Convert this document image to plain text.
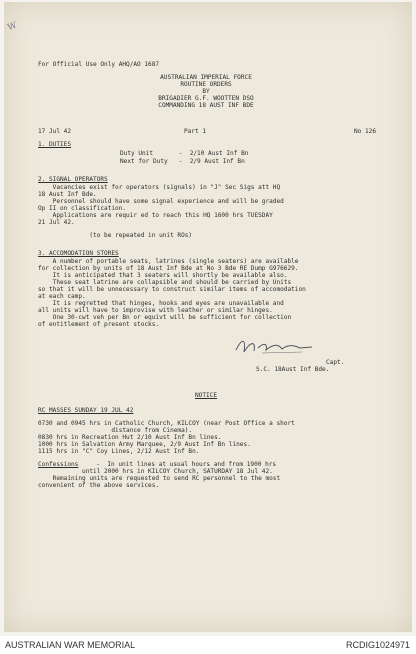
W
For Official Use Only AHQ/AO 1687
AUSTRALIAN IMPERIAL FORCE
ROUTINE ORDERS
BY
BRIGADIER G.F. WOOTTEN DSO
COMMANDING 18 AUST INF BDE
17 Jul 42	Part 1	No 126
1. DUTIES
Duty Unit       -  2/10 Aust Inf Bn
Next for Duty   -  2/9 Aust Inf Bn
2. SIGNAL OPERATORS
Vacancies exist for operators (signals) in "J" Sec Sigs att HQ
18 Aust Inf Bde.
Personnel should have some signal experience and will be graded
Op II on classification.
Applications are requir ed to reach this HQ 1600 hrs TUESDAY
21 Jul 42.
(to be repeated in unit ROs)
3. ACCOMODATION STORES
A number of portable seats, latrines (single seaters) are available
for collection by units of 18 Aust Inf Bde at No 3 Bde RE Dump G976629.
It is anticipated that 3 seaters will shortly be available also.
These seat latrine are collapsible and should be carried by Units
so that it will be unnecessary to construct similar items of accomodation
at each camp.
It is regretted that hinges, hooks and eyes are unavailable and
all units will have to improvise with leather or similar hinges.
One 30-cwt veh per Bn or equivt will be sufficient for collection
of entitlement of present stocks.
Capt.
S.C. 18Aust Inf Bde.
NOTICE
RC MASSES SUNDAY 19 JUL 42
0730 and 0945 hrs in Catholic Church, KILCOY (near Post Office a short
distance from Cinema).
0830 hrs in Recreation Hut 2/10 Aust Inf Bn lines.
1000 hrs in Salvation Army Marquee, 2/9 Aust Inf Bn lines.
1115 hrs in "C" Coy Lines, 2/12 Aust Inf Bn.
Confessions -  In unit lines at usual hours and from 1900 hrs
until 2000 hrs in KILCOY Church, SATURDAY 18 Jul 42.
Remaining units are requested to send RC personnel to the most
convenient of the above services.
AUSTRALIAN WAR MEMORIAL	RCDIG1024971
